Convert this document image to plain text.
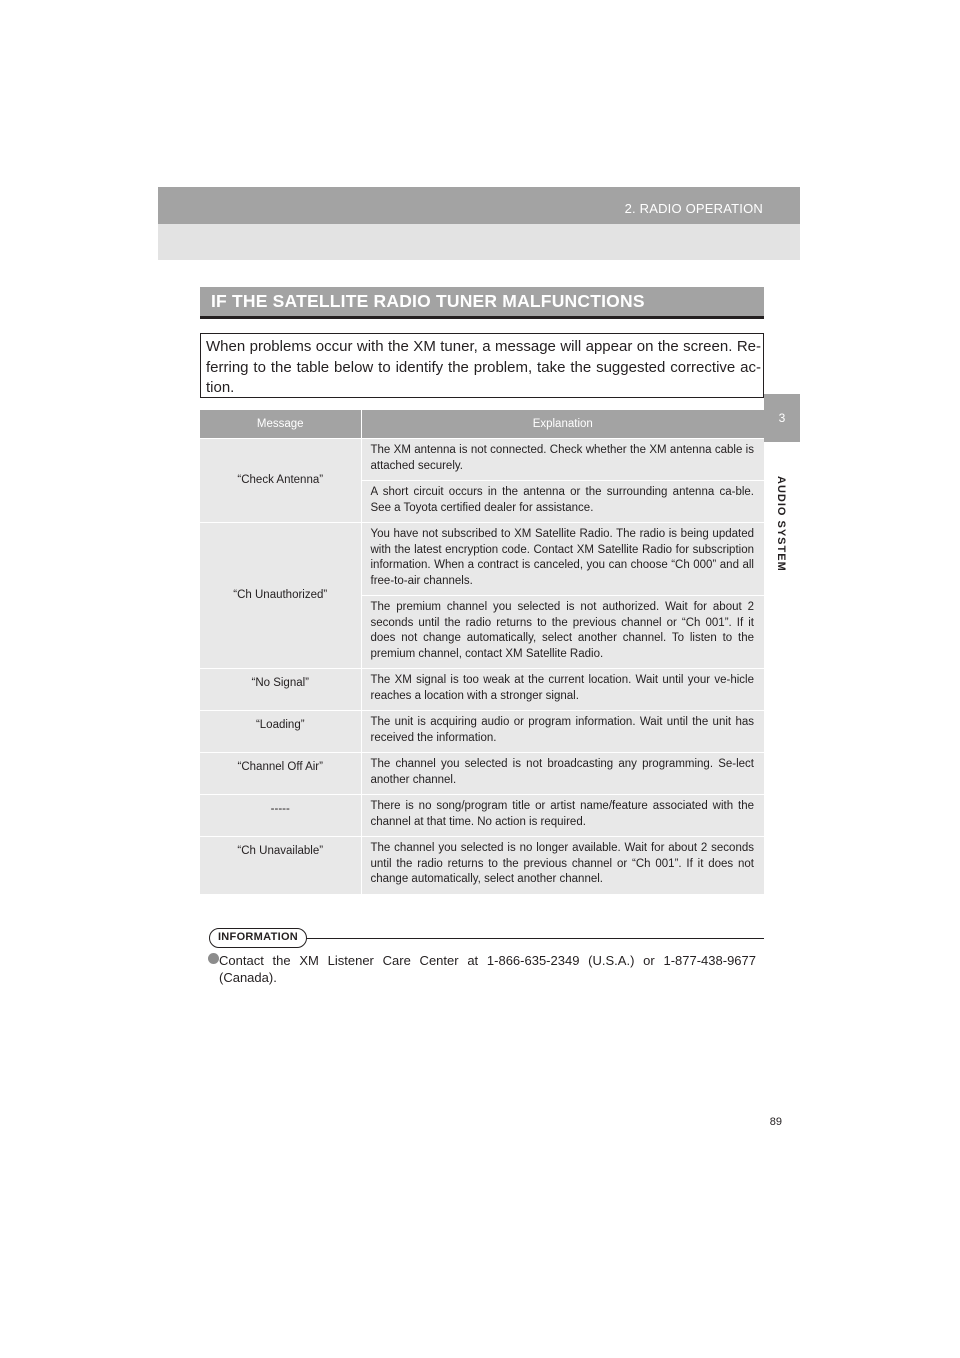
2. RADIO OPERATION
3
AUDIO SYSTEM
IF THE SATELLITE RADIO TUNER MALFUNCTIONS
When problems occur with the XM tuner, a message will appear on the screen. Re-ferring to the table below to identify the problem, take the suggested corrective ac-tion.
Message	Explanation
“Check Antenna”	The XM antenna is not connected. Check whether the XM antenna cable is attached securely.
	A short circuit occurs in the antenna or the surrounding antenna ca-ble. See a Toyota certified dealer for assistance.
“Ch Unauthorized”	You have not subscribed to XM Satellite Radio. The radio is being updated with the latest encryption code. Contact XM Satellite Radio for subscription information. When a contract is canceled, you can choose “Ch 000” and all free-to-air channels.
	The premium channel you selected is not authorized. Wait for about 2 seconds until the radio returns to the previous channel or “Ch 001”. If it does not change automatically, select another channel. To listen to the premium channel, contact XM Satellite Radio.
“No Signal”	The XM signal is too weak at the current location. Wait until your ve-hicle reaches a location with a stronger signal.
“Loading”	The unit is acquiring audio or program information. Wait until the unit has received the information.
“Channel Off Air”	The channel you selected is not broadcasting any programming. Se-lect another channel.
-----	There is no song/program title or artist name/feature associated with the channel at that time. No action is required.
“Ch Unavailable”	The channel you selected is no longer available. Wait for about 2 seconds until the radio returns to the previous channel or “Ch 001”. If it does not change automatically, select another channel.
INFORMATION
Contact the XM Listener Care Center at 1-866-635-2349 (U.S.A.) or 1-877-438-9677 (Canada).
89
